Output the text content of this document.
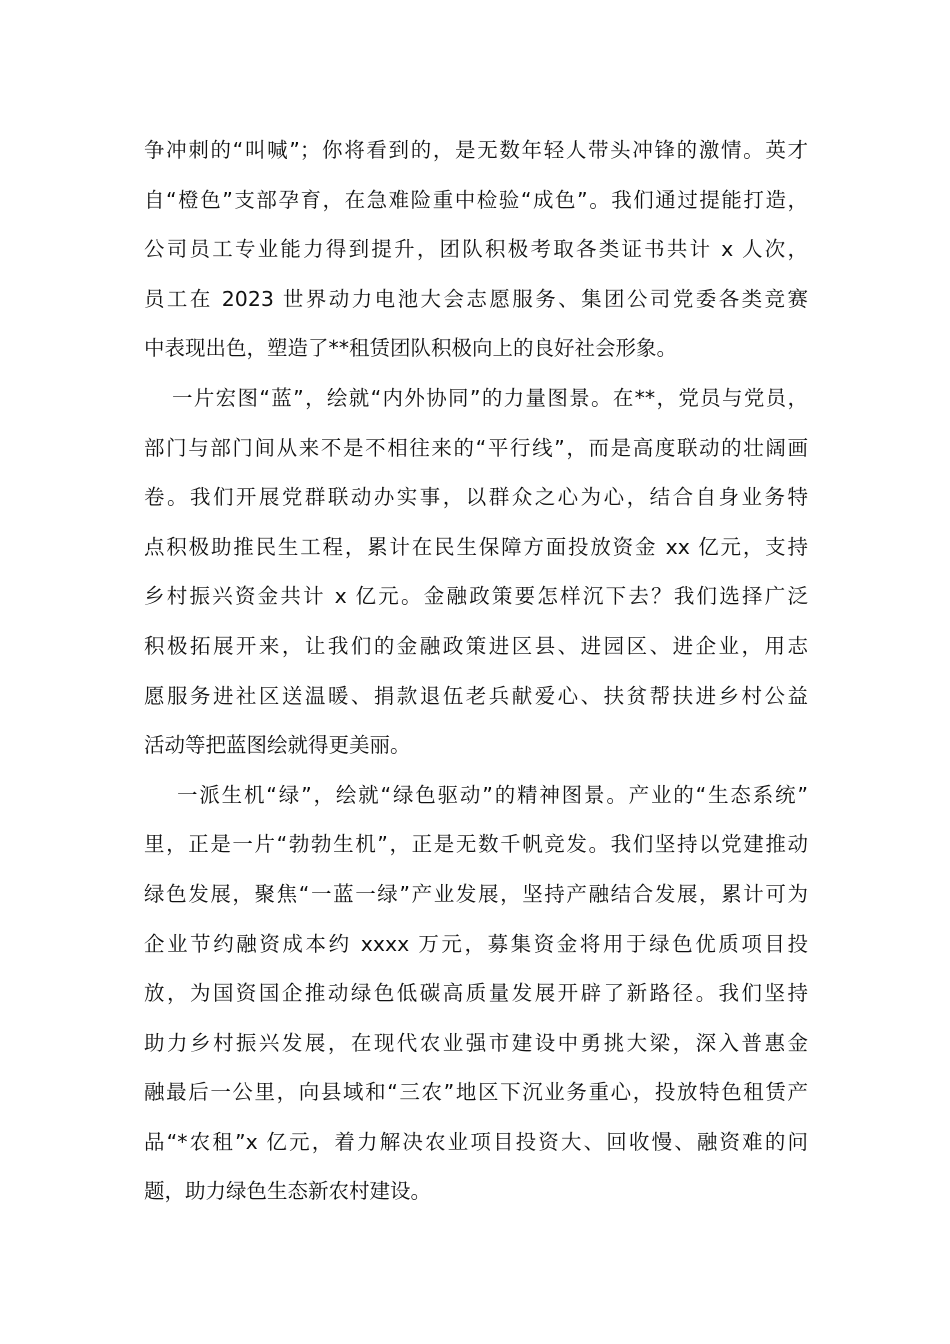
争冲刺的“叫喊”；你将看到的，是无数年轻人带头冲锋的激情。英才
自“橙色”支部孕育，在急难险重中检验“成色”。我们通过提能打造，
公司员工专业能力得到提升，团队积极考取各类证书共计 x 人次，
员工在 2023 世界动力电池大会志愿服务、集团公司党委各类竞赛
中表现出色，塑造了**租赁团队积极向上的良好社会形象。
一片宏图“蓝”，绘就“内外协同”的力量图景。在**，党员与党员，
部门与部门间从来不是不相往来的“平行线”，而是高度联动的壮阔画
卷。我们开展党群联动办实事，以群众之心为心，结合自身业务特
点积极助推民生工程，累计在民生保障方面投放资金 xx 亿元，支持
乡村振兴资金共计 x 亿元。金融政策要怎样沉下去？我们选择广泛
积极拓展开来，让我们的金融政策进区县、进园区、进企业，用志
愿服务进社区送温暖、捐款退伍老兵献爱心、扶贫帮扶进乡村公益
活动等把蓝图绘就得更美丽。
一派生机“绿”，绘就“绿色驱动”的精神图景。产业的“生态系统”
里，正是一片“勃勃生机”，正是无数千帆竞发。我们坚持以党建推动
绿色发展，聚焦“一蓝一绿”产业发展，坚持产融结合发展，累计可为
企业节约融资成本约 xxxx 万元，募集资金将用于绿色优质项目投
放，为国资国企推动绿色低碳高质量发展开辟了新路径。我们坚持
助力乡村振兴发展，在现代农业强市建设中勇挑大梁，深入普惠金
融最后一公里，向县域和“三农”地区下沉业务重心，投放特色租赁产
品“*农租”x 亿元，着力解决农业项目投资大、回收慢、融资难的问
题，助力绿色生态新农村建设。
